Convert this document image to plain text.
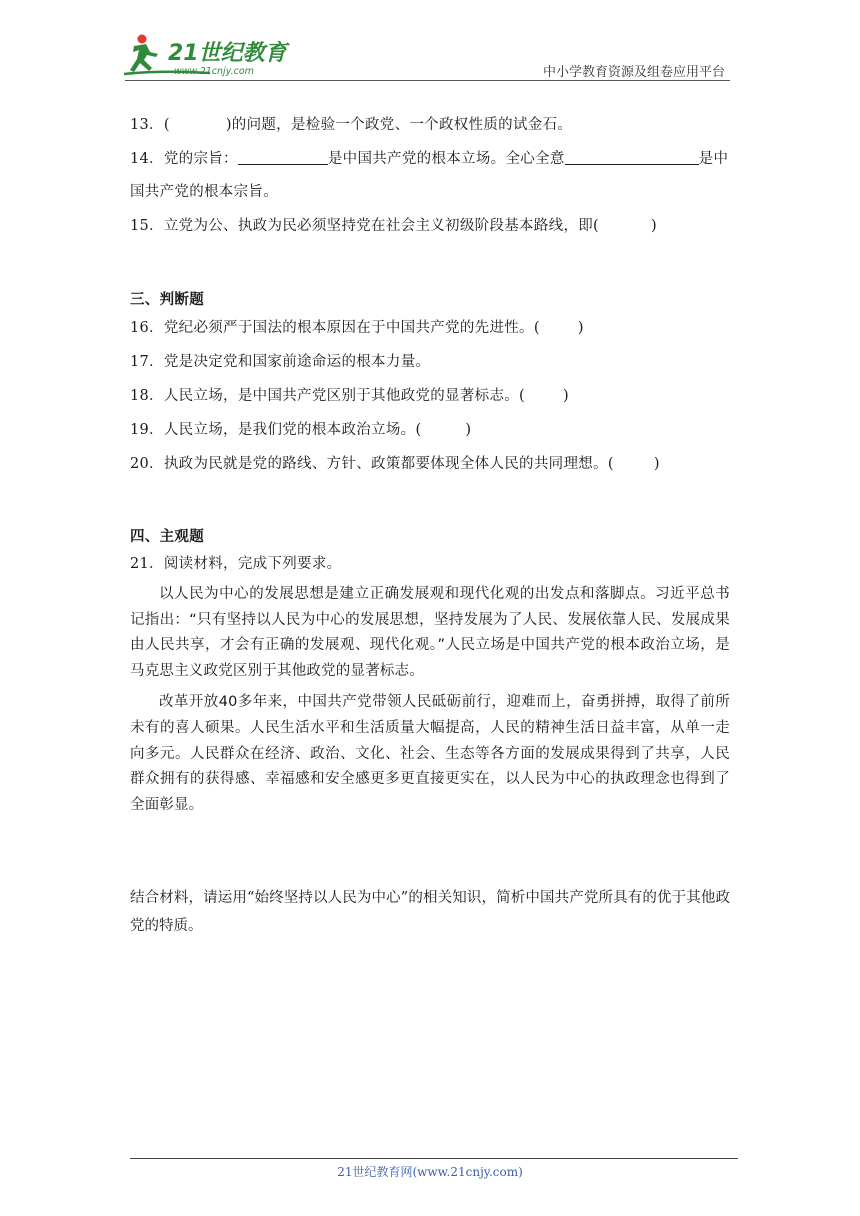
21世纪教育
www.21cnjy.com	中小学教育资源及组卷应用平台
13．(	)的问题，是检验一个政党、一个政权性质的试金石。
14．党的宗旨：	是中国共产党的根本立场。全心全意	是中
国共产党的根本宗旨。
15．立党为公、执政为民必须坚持党在社会主义初级阶段基本路线，即(	)
三、判断题
16．党纪必须严于国法的根本原因在于中国共产党的先进性。(	)
17．党是决定党和国家前途命运的根本力量。
18．人民立场，是中国共产党区别于其他政党的显著标志。(	)
19．人民立场，是我们党的根本政治立场。(	)
20．执政为民就是党的路线、方针、政策都要体现全体人民的共同理想。(	)
四、主观题
21．阅读材料，完成下列要求。

以人民为中心的发展思想是建立正确发展观和现代化观的出发点和落脚点。习近平总书记指出：“只有坚持以人民为中心的发展思想，坚持发展为了人民、发展依靠人民、发展成果由人民共享，才会有正确的发展观、现代化观。”人民立场是中国共产党的根本政治立场，是马克思主义政党区别于其他政党的显著标志。

改革开放40多年来，中国共产党带领人民砥砺前行，迎难而上，奋勇拼搏，取得了前所未有的喜人硕果。人民生活水平和生活质量大幅提高，人民的精神生活日益丰富，从单一走向多元。人民群众在经济、政治、文化、社会、生态等各方面的发展成果得到了共享，人民群众拥有的获得感、幸福感和安全感更多更直接更实在，以人民为中心的执政理念也得到了全面彰显。

结合材料，请运用“始终坚持以人民为中心”的相关知识，简析中国共产党所具有的优于其他政党的特质。
21世纪教育网(www.21cnjy.com)
